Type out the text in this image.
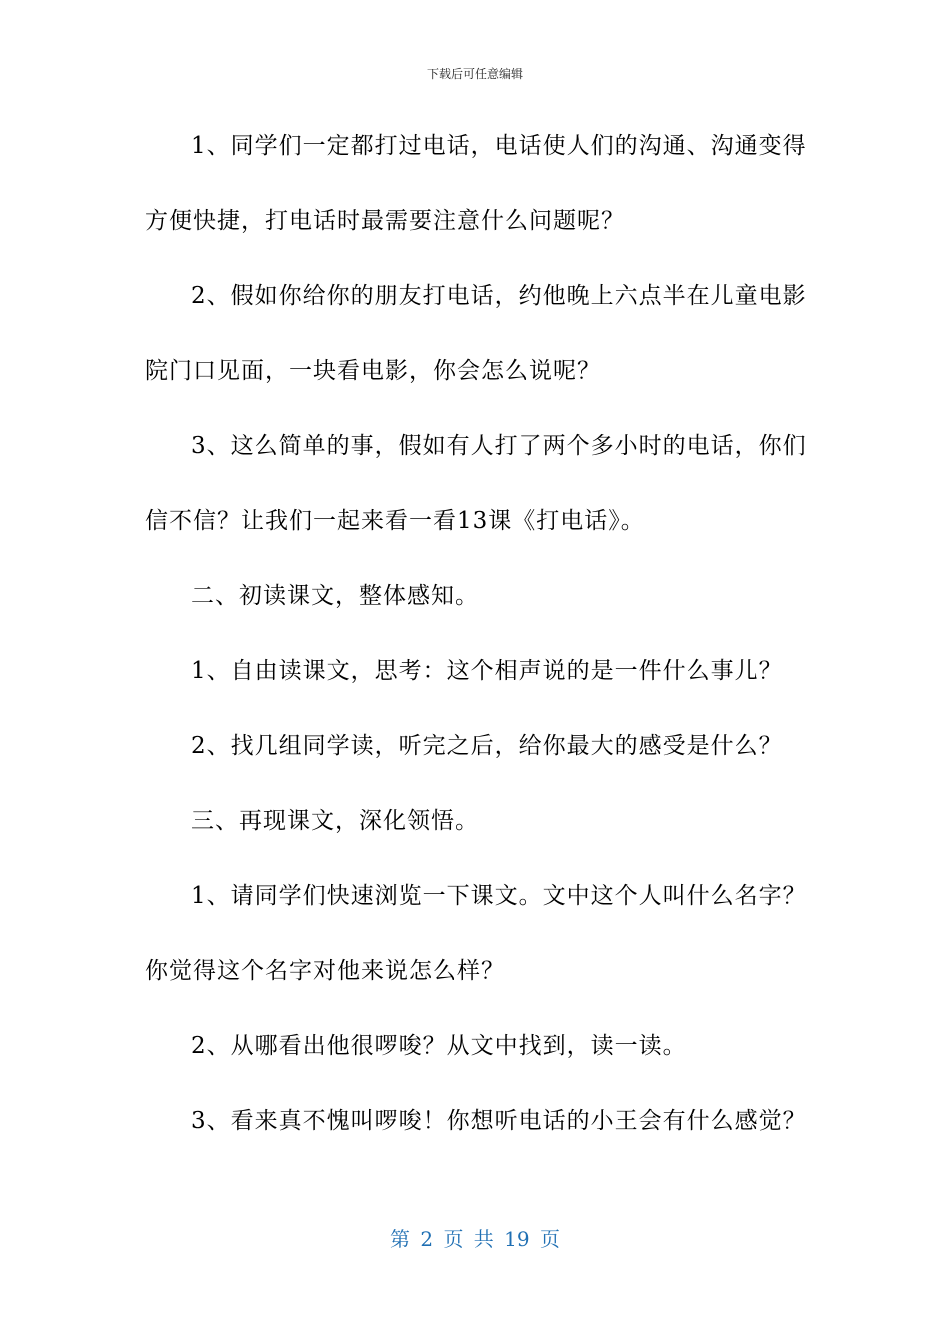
下载后可任意编辑
1、同学们一定都打过电话，电话使人们的沟通、沟通变得
方便快捷，打电话时最需要注意什么问题呢？
2、假如你给你的朋友打电话，约他晚上六点半在儿童电影
院门口见面，一块看电影，你会怎么说呢？
3、这么简单的事，假如有人打了两个多小时的电话，你们
信不信？让我们一起来看一看13课《打电话》。
二、初读课文，整体感知。
1、自由读课文，思考：这个相声说的是一件什么事儿？
2、找几组同学读，听完之后，给你最大的感受是什么？
三、再现课文，深化领悟。
1、请同学们快速浏览一下课文。文中这个人叫什么名字？
你觉得这个名字对他来说怎么样？
2、从哪看出他很啰唆？从文中找到，读一读。
3、看来真不愧叫啰唆！你想听电话的小王会有什么感觉？
第 2 页 共 19 页
